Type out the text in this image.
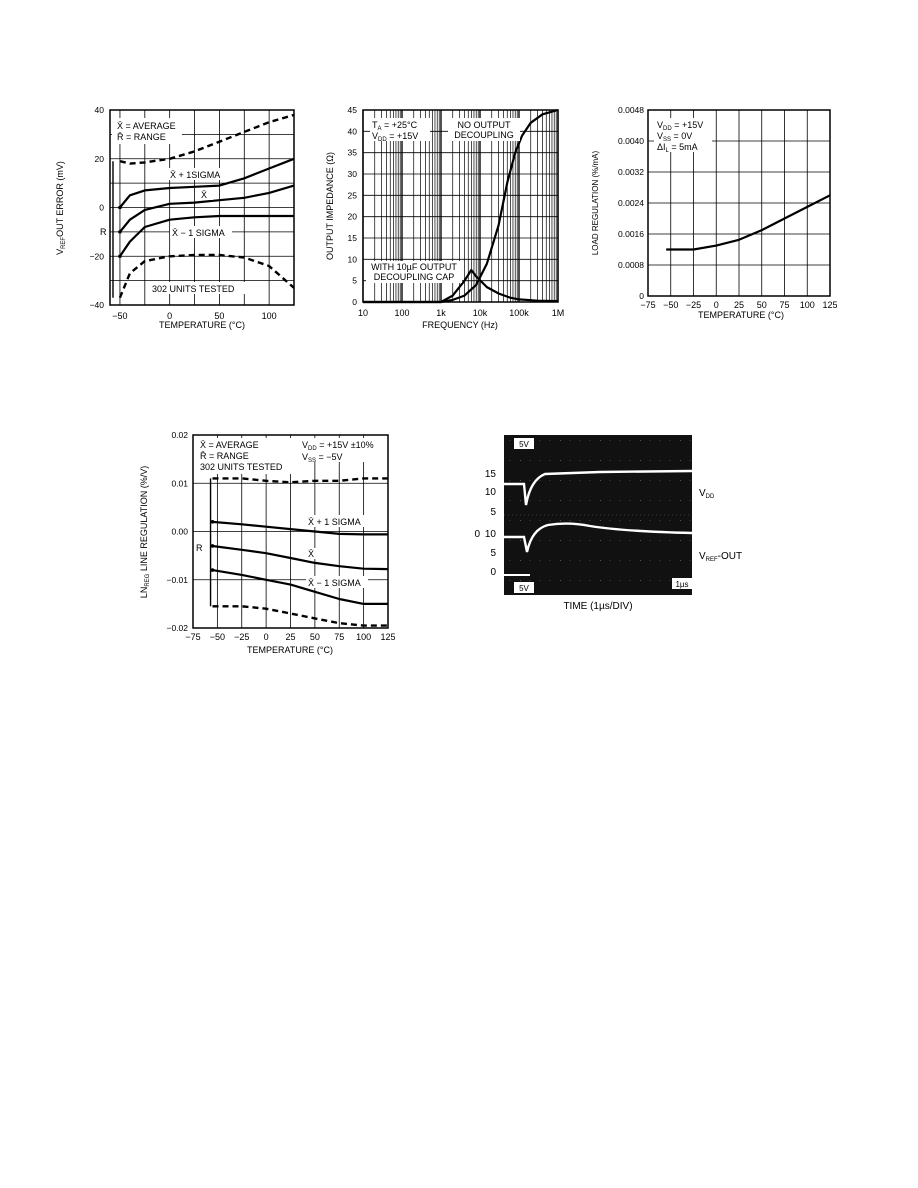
−50	0	50	100
−40
−20
0
20
40
X̄ = AVERAGE
R̄ = RANGE
R
X̄ + 1SIGMA
X̄
X̄ − 1 SIGMA
302 UNITS TESTED
TEMPERATURE (°C)
$V_{REF}OUT$ ERROR (mV)
10	100	1k	10k 100k	1M
0
5
10
15
20
25
30
35
40
45
$T_A = +25^\circ C$
$V_{DD} = +15V$
NO OUTPUT
DECOUPLING
WITH 10µF OUTPUT
DECOUPLING CAP
FREQUENCY (Hz)
OUTPUT IMPEDANCE (Ω)
−75 −50 −25 0 25 50 75 100 125
0
0.0008
0.0016
0.0024
0.0032
0.0040
0.0048
$V_{DD} = +15V$
$V_{SS} = 0V$
$\Delta I_L = 5mA$
TEMPERATURE (°C)
LOAD REGULATION (%/mA)
−75 −50 −25 0 25 50 75 100 125
−0.02
−0.01
0.00
0.01
0.02
X̄ = AVERAGE
R̄ = RANGE
302 UNITS TESTED
$V_{DD} = +15V \pm 10\%$
$V_{SS} = -5V$
R
X̄ + 1 SIGMA
X̄
X̄ − 1 SIGMA
TEMPERATURE (°C)
$LN_{REG}$ LINE REGULATION (%/V)
5V
5V	1µs
15
10
5
0
0 10
5
$V_{DD}$
$V_{REF}$-OUT
TIME (1µs/DIV)
